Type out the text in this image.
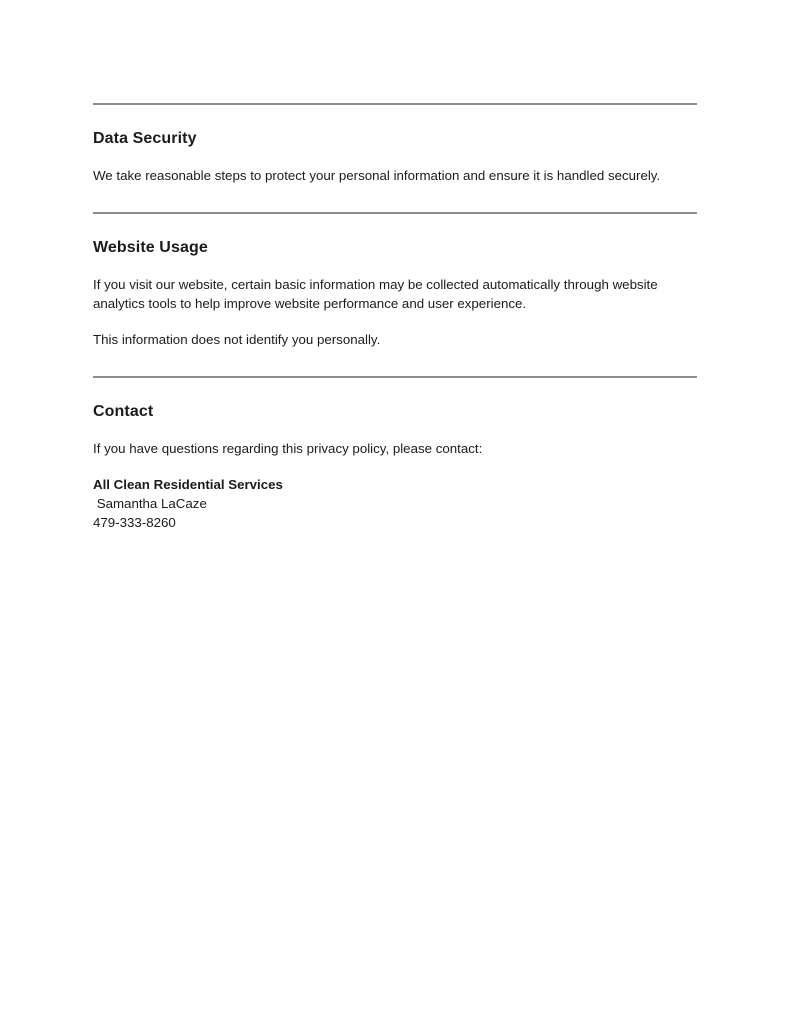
Data Security

We take reasonable steps to protect your personal information and ensure it is handled securely.

Website Usage

If you visit our website, certain basic information may be collected automatically through website analytics tools to help improve website performance and user experience.

This information does not identify you personally.

Contact

If you have questions regarding this privacy policy, please contact:

All Clean Residential Services
Samantha LaCaze
479-333-8260
